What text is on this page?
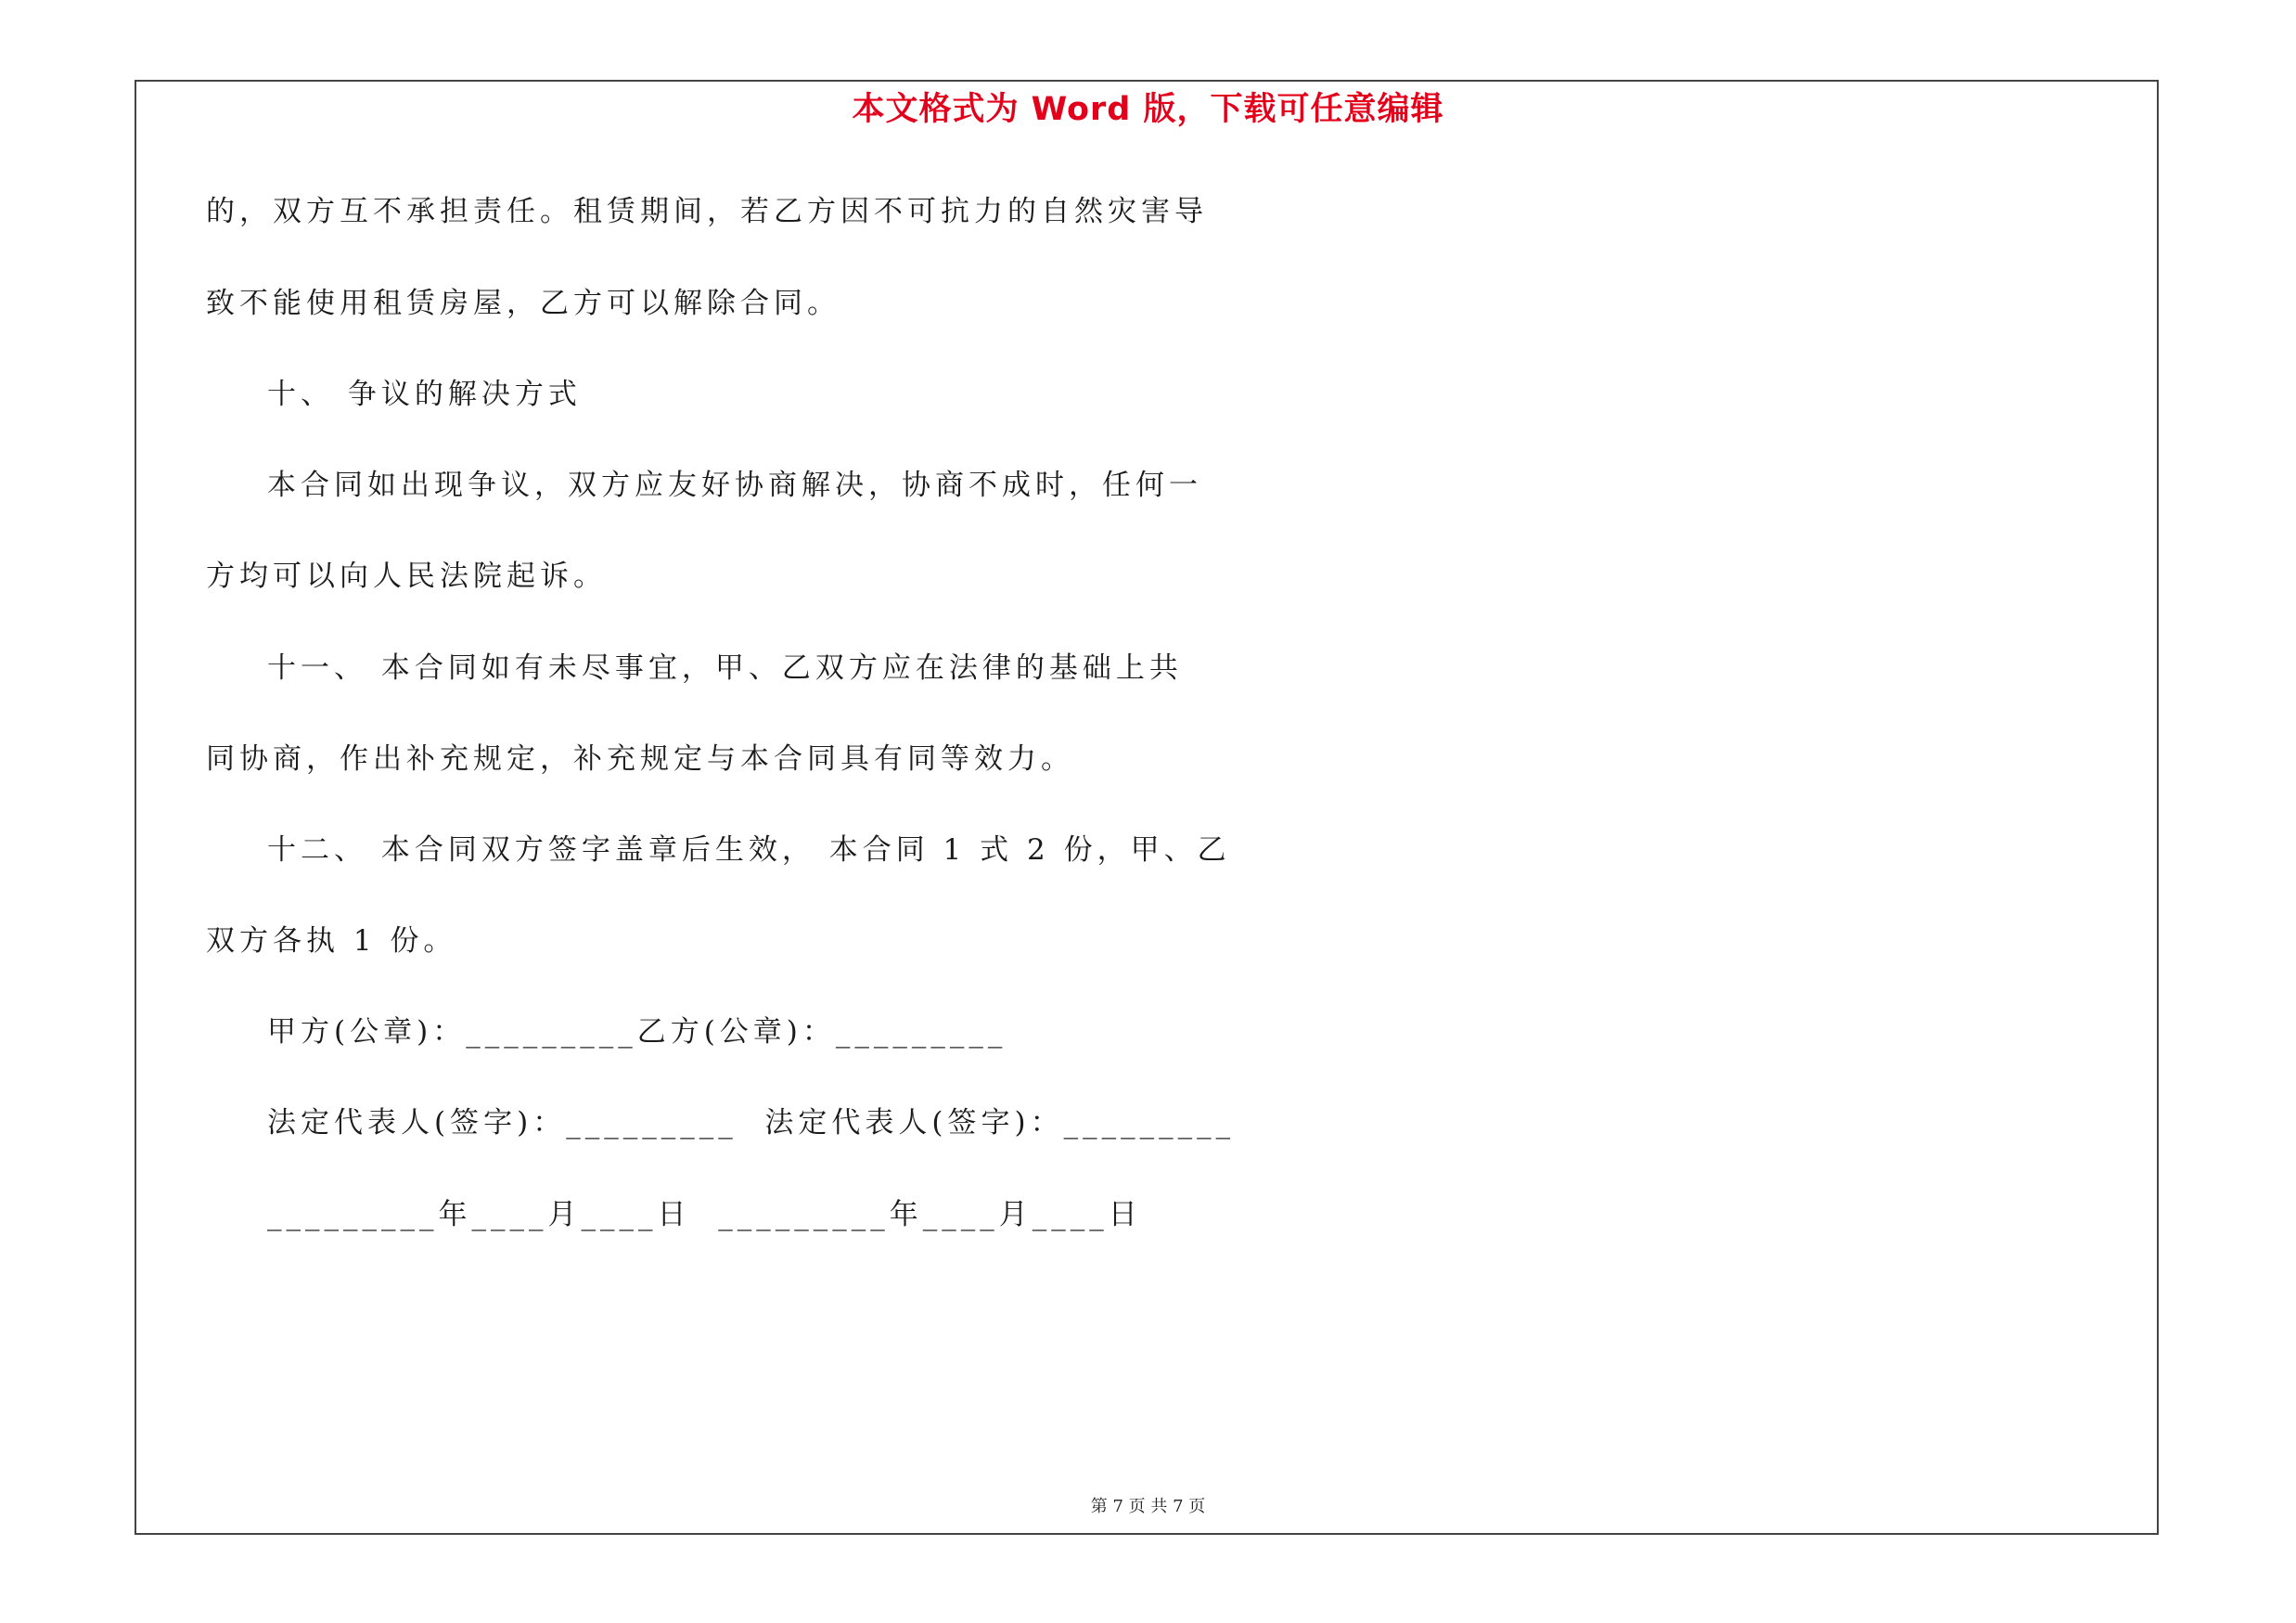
本文格式为 Word 版，下载可任意编辑
的，双方互不承担责任。租赁期间，若乙方因不可抗力的自然灾害导
致不能使用租赁房屋，乙方可以解除合同。
十、 争议的解决方式
本合同如出现争议，双方应友好协商解决，协商不成时，任何一
方均可以向人民法院起诉。
十一、 本合同如有未尽事宜，甲、乙双方应在法律的基础上共
同协商，作出补充规定，补充规定与本合同具有同等效力。
十二、 本合同双方签字盖章后生效， 本合同 1 式 2 份，甲、乙
双方各执 1 份。
甲方(公章)：_________乙方(公章)：_________
法定代表人(签字)：_________  法定代表人(签字)：_________
_________年____月____日  _________年____月____日
第 7 页 共 7 页
